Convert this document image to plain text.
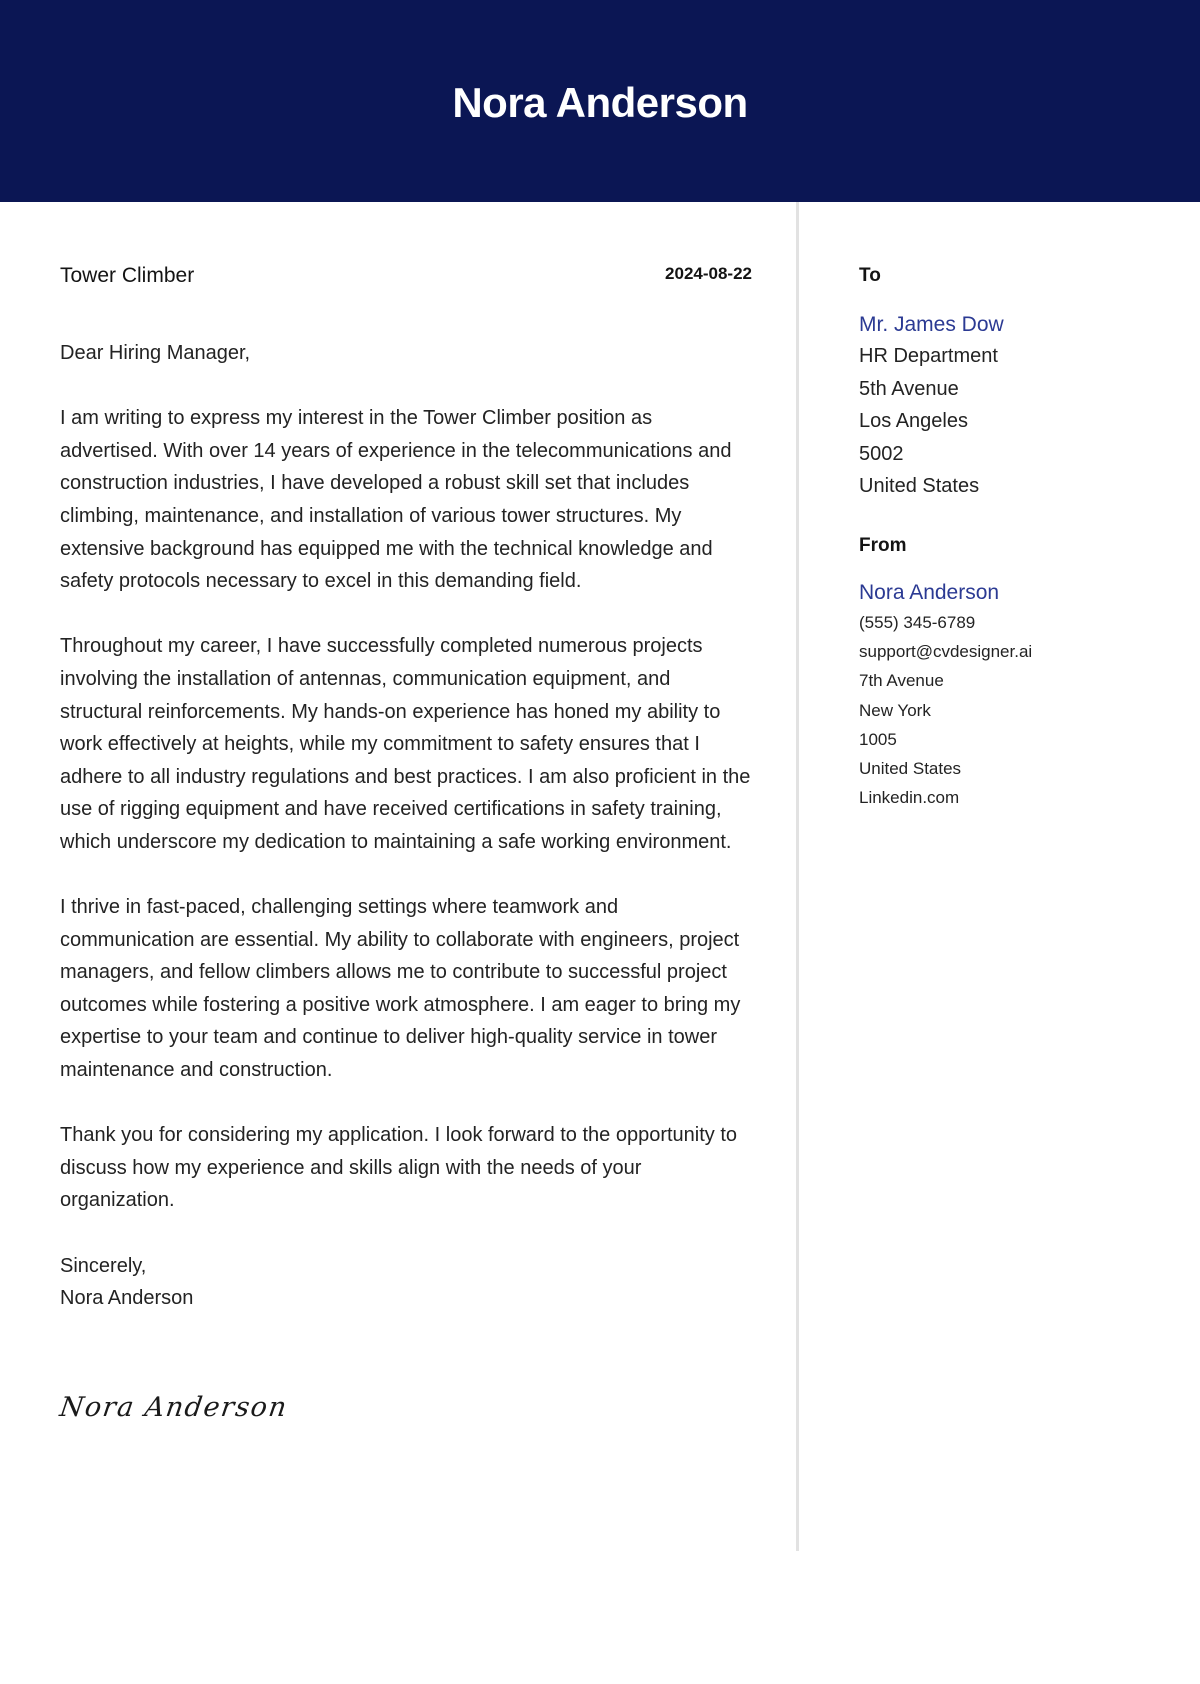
Nora Anderson
Tower Climber	2024-08-22

Dear Hiring Manager,

I am writing to express my interest in the Tower Climber position as advertised. With over 14 years of experience in the telecommunications and construction industries, I have developed a robust skill set that includes climbing, maintenance, and installation of various tower structures. My extensive background has equipped me with the technical knowledge and safety protocols necessary to excel in this demanding field.

Throughout my career, I have successfully completed numerous projects involving the installation of antennas, communication equipment, and structural reinforcements. My hands-on experience has honed my ability to work effectively at heights, while my commitment to safety ensures that I adhere to all industry regulations and best practices. I am also proficient in the use of rigging equipment and have received certifications in safety training, which underscore my dedication to maintaining a safe working environment.

I thrive in fast-paced, challenging settings where teamwork and communication are essential. My ability to collaborate with engineers, project managers, and fellow climbers allows me to contribute to successful project outcomes while fostering a positive work atmosphere. I am eager to bring my expertise to your team and continue to deliver high-quality service in tower maintenance and construction.

Thank you for considering my application. I look forward to the opportunity to discuss how my experience and skills align with the needs of your organization.

Sincerely,

Nora Anderson

Nora Anderson
To
Mr. James Dow
HR Department
5th Avenue
Los Angeles
5002
United States
From
Nora Anderson
(555) 345-6789
support@cvdesigner.ai
7th Avenue
New York
1005
United States
Linkedin.com
